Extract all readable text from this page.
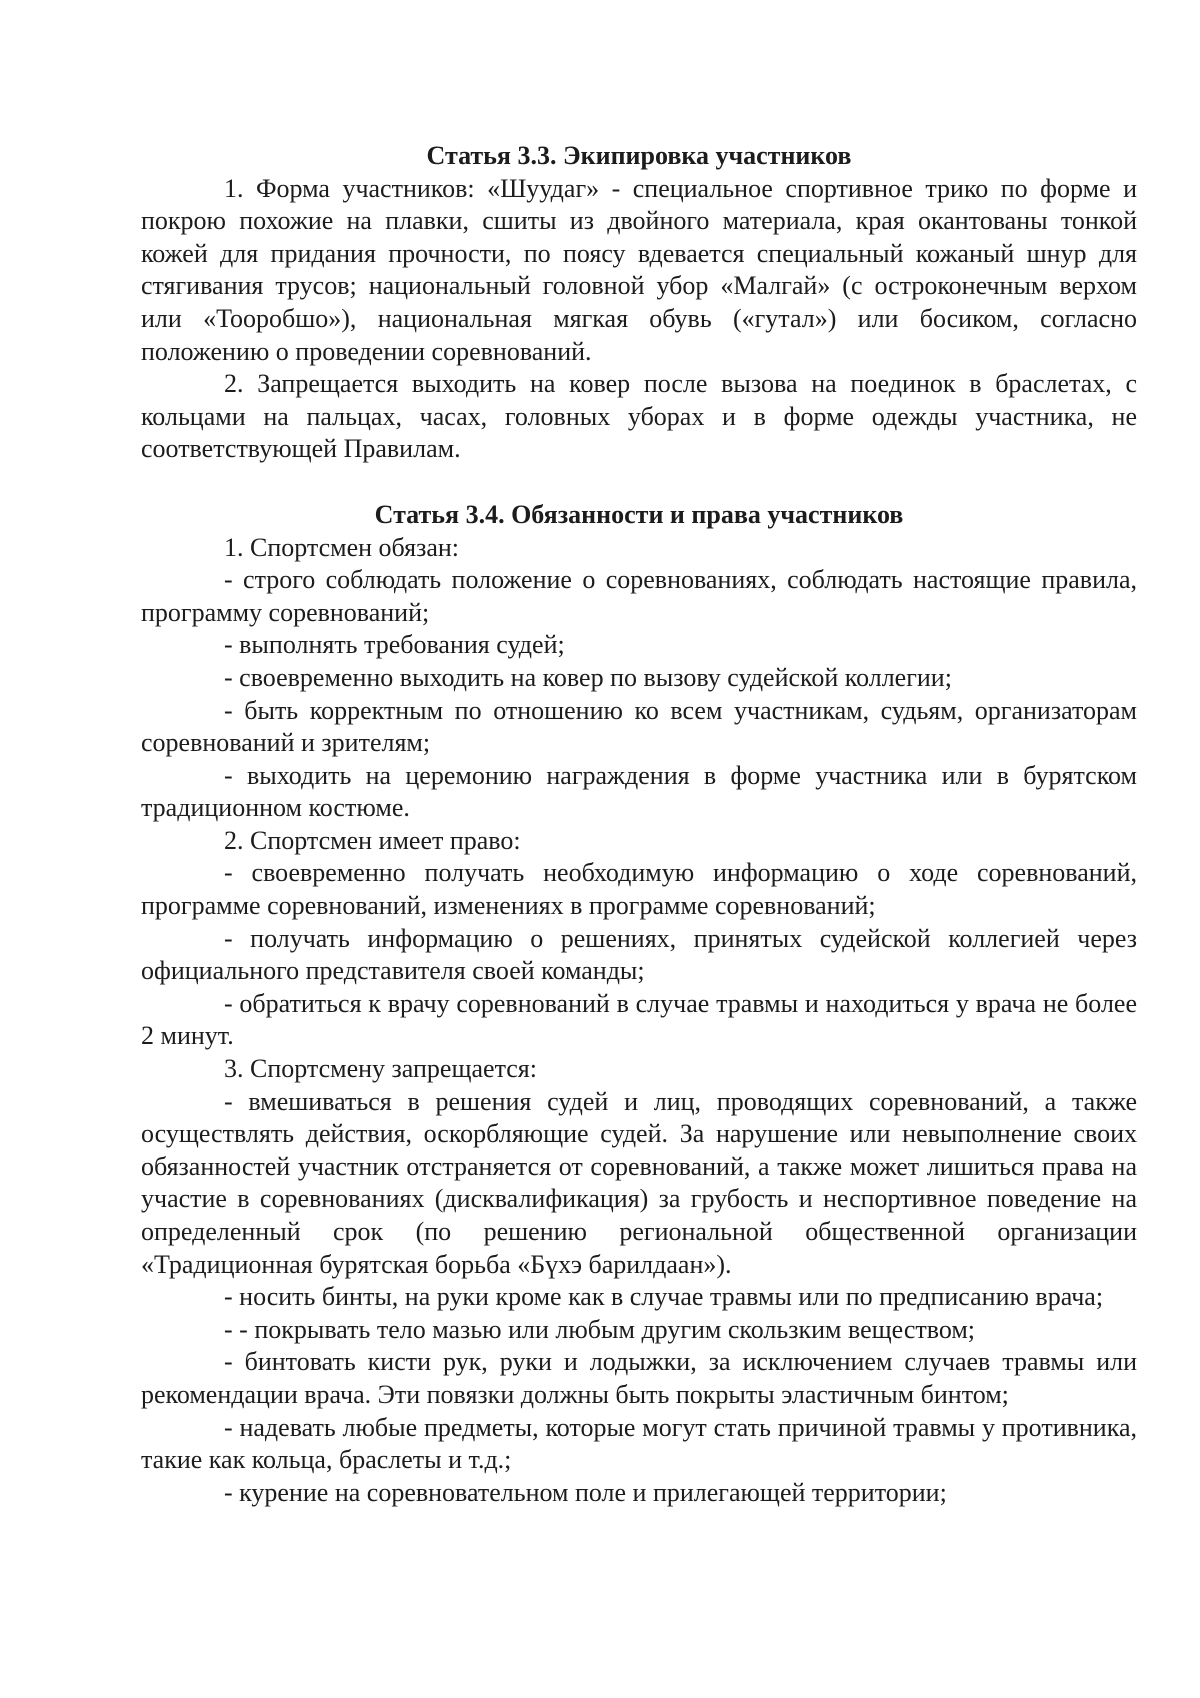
Статья 3.3. Экипировка участников

1. Форма участников: «Шуудаг» - специальное спортивное трико по форме и покрою похожие на плавки, сшиты из двойного материала, края окантованы тонкой кожей для придания прочности, по поясу вдевается специальный кожаный шнур для стягивания трусов; национальный головной убор «Малгай» (с остроконечным верхом или «Тооробшо»), национальная мягкая обувь («гутал») или босиком, согласно положению о проведении соревнований.

2. Запрещается выходить на ковер после вызова на поединок в браслетах, с кольцами на пальцах, часах, головных уборах и в форме одежды участника, не соответствующей Правилам.

Статья 3.4. Обязанности и права участников

1. Спортсмен обязан:

- строго соблюдать положение о соревнованиях, соблюдать настоящие правила, программу соревнований;

- выполнять требования судей;

- своевременно выходить на ковер по вызову судейской коллегии;

- быть корректным по отношению ко всем участникам, судьям, организаторам соревнований и зрителям;

- выходить на церемонию награждения в форме участника или в бурятском традиционном костюме.

2. Спортсмен имеет право:

- своевременно получать необходимую информацию о ходе соревнований, программе соревнований, изменениях в программе соревнований;

- получать информацию о решениях, принятых судейской коллегией через официального представителя своей команды;

- обратиться к врачу соревнований в случае травмы и находиться у врача не более 2 минут.

3. Спортсмену запрещается:

- вмешиваться в решения судей и лиц, проводящих соревнований, а также осуществлять действия, оскорбляющие судей. За нарушение или невыполнение своих обязанностей участник отстраняется от соревнований, а также может лишиться права на участие в соревнованиях (дисквалификация) за грубость и неспортивное поведение на определенный срок (по решению региональной общественной организации «Традиционная бурятская борьба «Бүхэ барилдаан»).

- носить бинты, на руки кроме как в случае травмы или по предписанию врача;

- - покрывать тело мазью или любым другим скользким веществом;

- бинтовать кисти рук, руки и лодыжки, за исключением случаев травмы или рекомендации врача. Эти повязки должны быть покрыты эластичным бинтом;

- надевать любые предметы, которые могут стать причиной травмы у противника, такие как кольца, браслеты и т.д.;

- курение на соревновательном поле и прилегающей территории;
